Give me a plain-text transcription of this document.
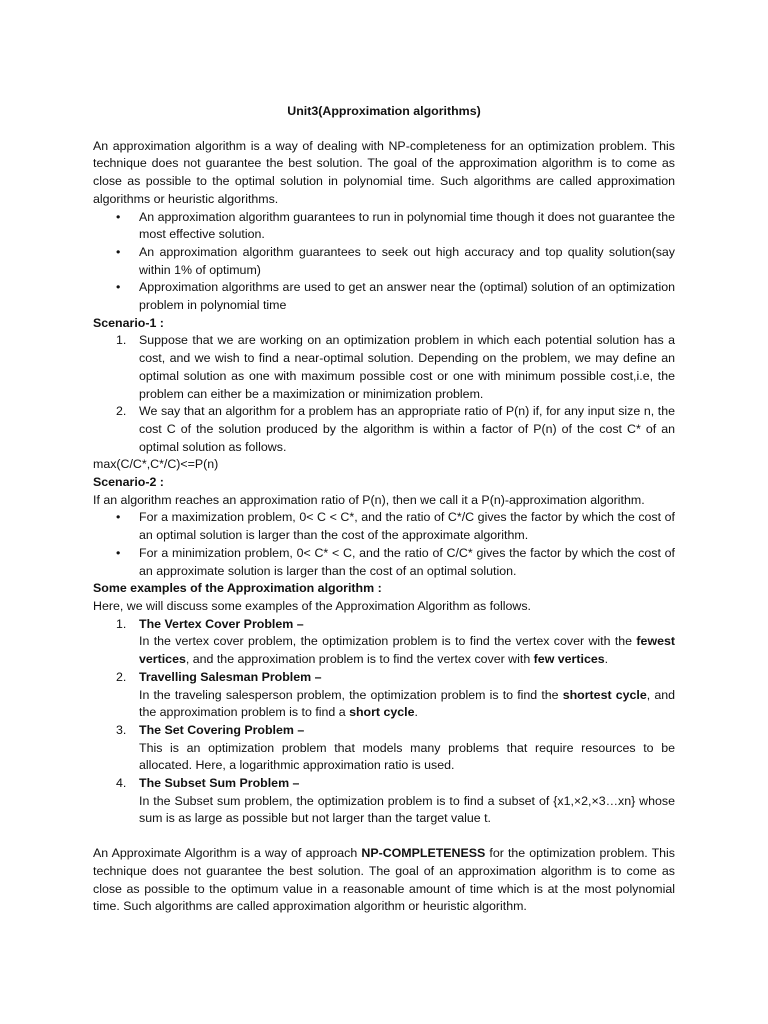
Unit3(Approximation algorithms)

An approximation algorithm is a way of dealing with NP-completeness for an optimization problem. This technique does not guarantee the best solution. The goal of the approximation algorithm is to come as close as possible to the optimal solution in polynomial time. Such algorithms are called approximation algorithms or heuristic algorithms.

• An approximation algorithm guarantees to run in polynomial time though it does not guarantee the most effective solution.
• An approximation algorithm guarantees to seek out high accuracy and top quality solution(say within 1% of optimum)
• Approximation algorithms are used to get an answer near the (optimal) solution of an optimization problem in polynomial time
Scenario-1 :
1. Suppose that we are working on an optimization problem in which each potential solution has a cost, and we wish to find a near-optimal solution. Depending on the problem, we may define an optimal solution as one with maximum possible cost or one with minimum possible cost,i.e, the problem can either be a maximization or minimization problem.
2. We say that an algorithm for a problem has an appropriate ratio of P(n) if, for any input size n, the cost C of the solution produced by the algorithm is within a factor of P(n) of the cost C* of an optimal solution as follows.

max(C/C*,C*/C)<=P(n)

Scenario-2 :

If an algorithm reaches an approximation ratio of P(n), then we call it a P(n)-approximation algorithm.

• For a maximization problem, 0< C < C*, and the ratio of C*/C gives the factor by which the cost of an optimal solution is larger than the cost of the approximate algorithm.
• For a minimization problem, 0< C* < C, and the ratio of C/C* gives the factor by which the cost of an approximate solution is larger than the cost of an optimal solution.
Some examples of the Approximation algorithm :

Here, we will discuss some examples of the Approximation Algorithm as follows.

1. The Vertex Cover Problem –
In the vertex cover problem, the optimization problem is to find the vertex cover with the fewest vertices, and the approximation problem is to find the vertex cover with few vertices.
2. Travelling Salesman Problem –
In the traveling salesperson problem, the optimization problem is to find the shortest cycle, and the approximation problem is to find a short cycle.
3. The Set Covering Problem –
This is an optimization problem that models many problems that require resources to be allocated. Here, a logarithmic approximation ratio is used.
4. The Subset Sum Problem –
In the Subset sum problem, the optimization problem is to find a subset of {x1,×2,×3…xn} whose sum is as large as possible but not larger than the target value t.

An Approximate Algorithm is a way of approach NP-COMPLETENESS for the optimization problem. This technique does not guarantee the best solution. The goal of an approximation algorithm is to come as close as possible to the optimum value in a reasonable amount of time which is at the most polynomial time. Such algorithms are called approximation algorithm or heuristic algorithm.
